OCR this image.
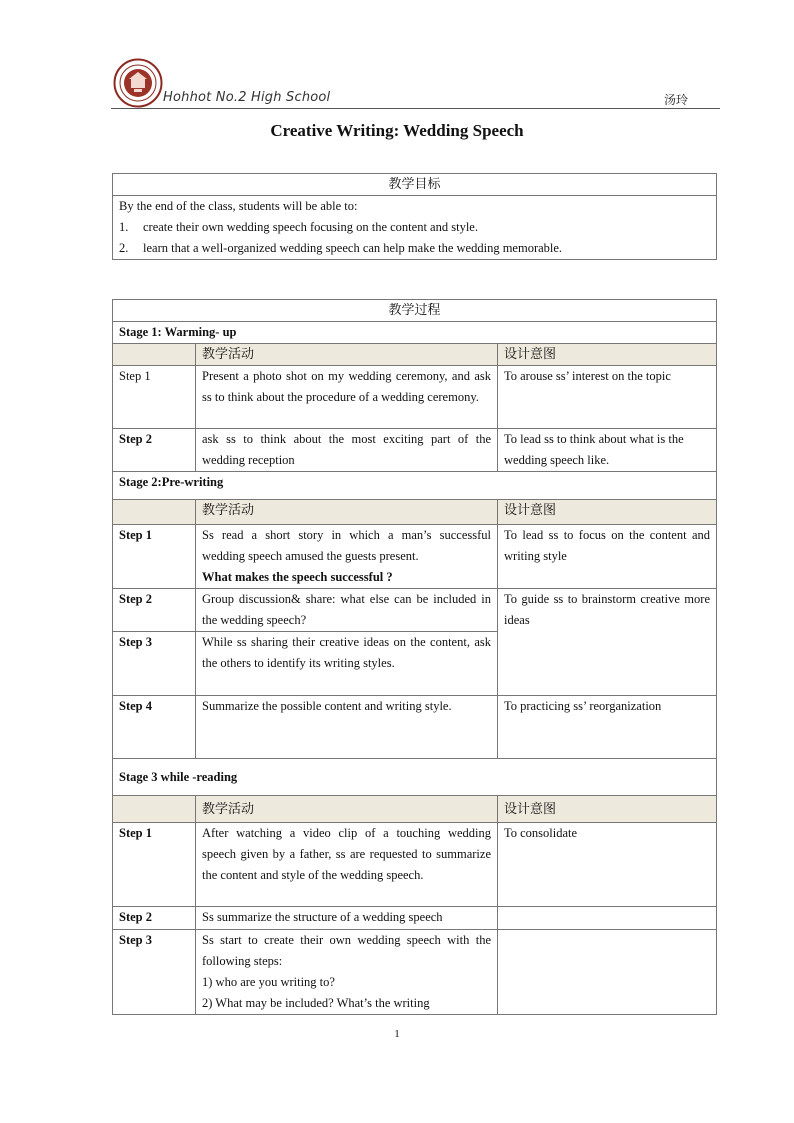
Hohhot No.2 High School	汤玲
Creative Writing: Wedding Speech
教学目标

By the end of the class, students will be able to:
1. create their own wedding speech focusing on the content and style.
2. learn that a well-organized wedding speech can help make the wedding memorable.
教学过程		
Stage 1: Warming- up		
	教学活动	设计意图
Step 1	Present a photo shot on my wedding ceremony, and ask ss to think about the procedure of a wedding ceremony.	To arouse ss’ interest on the topic
Step 2	ask ss to think about the most exciting part of the wedding reception	To lead ss to think about what is the wedding speech like.
Stage 2:Pre-writing		
	教学活动	设计意图
Step 1	Ss read a short story in which a man’s successful wedding speech amused the guests present.
What makes the speech successful ?	To lead ss to focus on the content and writing style
Step 2	Group discussion& share: what else can be included in the wedding speech?	To guide ss to brainstorm creative more ideas
Step 3	While ss sharing their creative ideas on the content, ask the others to identify its writing styles.	
Step 4	Summarize the possible content and writing style.	To practicing ss’ reorganization
Stage 3 while -reading		
	教学活动	设计意图
Step 1	After watching a video clip of a touching wedding speech given by a father, ss are requested to summarize the content and style of the wedding speech.	To consolidate
Step 2	Ss summarize the structure of a wedding speech	
Step 3	Ss start to create their own wedding speech with the following steps:
1) who are you writing to?
2) What may be included? What’s the writing	

1
